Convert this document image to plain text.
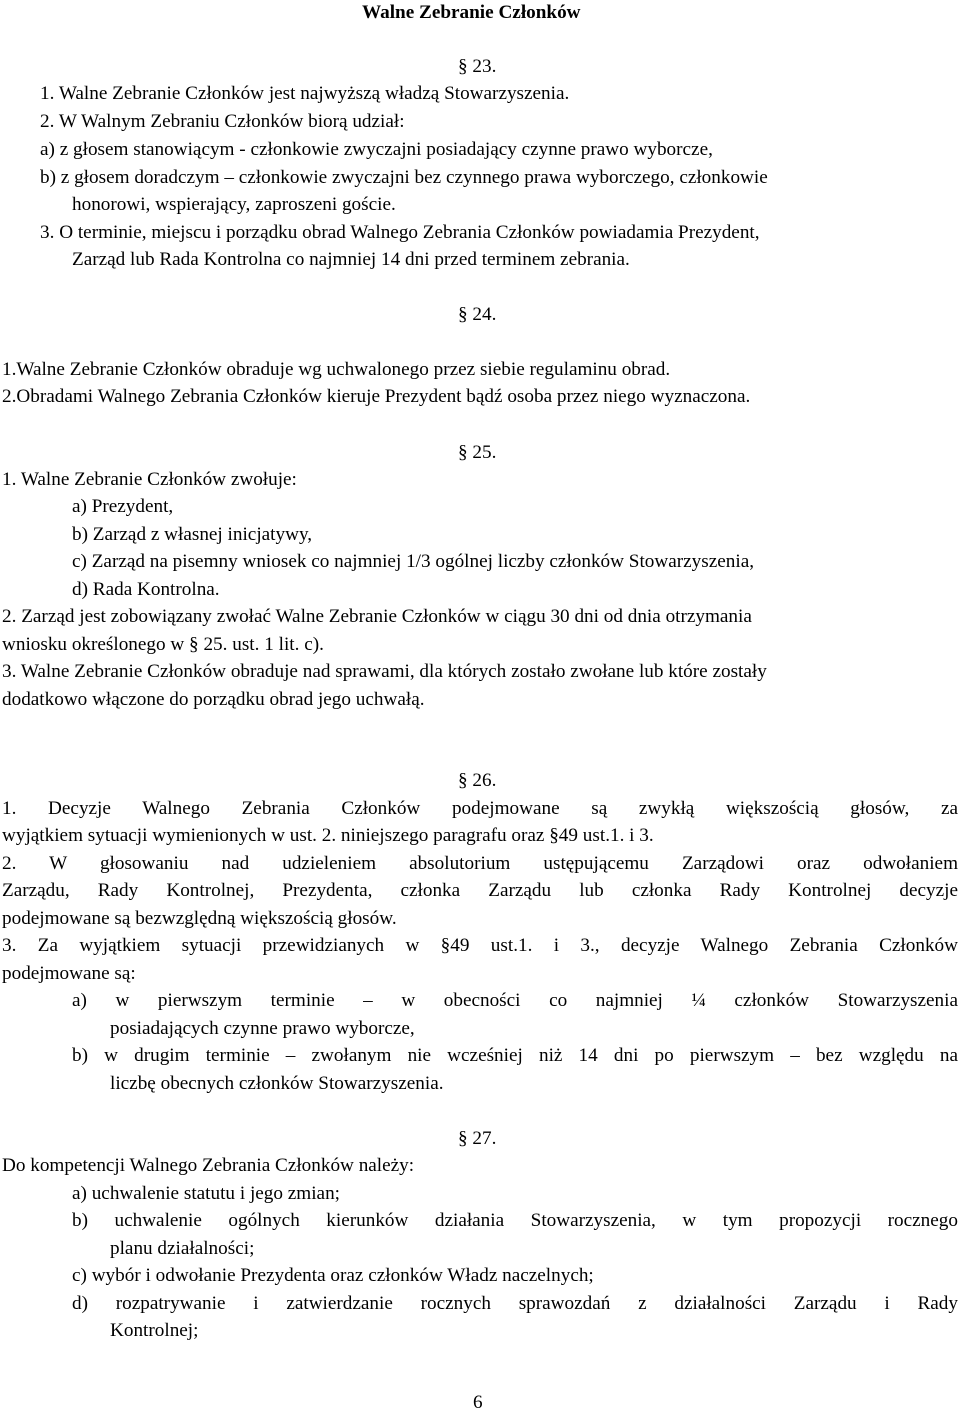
Walne Zebranie Członków
§ 23.
1. Walne Zebranie Członków jest najwyższą władzą Stowarzyszenia.
2. W Walnym Zebraniu Członków biorą udział:
a) z głosem stanowiącym - członkowie zwyczajni posiadający czynne prawo wyborcze,
b) z głosem doradczym – członkowie zwyczajni bez czynnego prawa wyborczego, członkowie
honorowi, wspierający, zaproszeni goście.
3. O terminie, miejscu i porządku obrad Walnego Zebrania Członków powiadamia Prezydent,
Zarząd lub Rada Kontrolna co najmniej 14 dni przed terminem zebrania.
§ 24.
1.Walne Zebranie Członków obraduje wg uchwalonego przez siebie regulaminu obrad.
2.Obradami Walnego Zebrania Członków kieruje Prezydent bądź osoba przez niego wyznaczona.
§ 25.
1. Walne Zebranie Członków zwołuje:
a) Prezydent,
b) Zarząd z własnej inicjatywy,
c) Zarząd na pisemny wniosek co najmniej 1/3 ogólnej liczby członków Stowarzyszenia,
d) Rada Kontrolna.
2. Zarząd jest zobowiązany zwołać Walne Zebranie Członków w ciągu 30 dni od dnia otrzymania
wniosku określonego w § 25. ust. 1 lit. c).
3. Walne Zebranie Członków obraduje nad sprawami, dla których zostało zwołane lub które zostały
dodatkowo włączone do porządku obrad jego uchwałą.
§ 26.
1. Decyzje Walnego Zebrania Członków podejmowane są zwykłą większością głosów, za
wyjątkiem sytuacji wymienionych w ust. 2. niniejszego paragrafu oraz §49 ust.1. i 3.
2. W głosowaniu nad udzieleniem absolutorium ustępującemu Zarządowi oraz odwołaniem
Zarządu, Rady Kontrolnej, Prezydenta, członka Zarządu lub członka Rady Kontrolnej decyzje
podejmowane są bezwzględną większością głosów.
3. Za wyjątkiem sytuacji przewidzianych w §49 ust.1. i 3., decyzje Walnego Zebrania Członków
podejmowane są:
a) w pierwszym terminie – w obecności co najmniej ¼ członków Stowarzyszenia
posiadających czynne prawo wyborcze,
b) w drugim terminie – zwołanym nie wcześniej niż 14 dni po pierwszym – bez względu na
liczbę obecnych członków Stowarzyszenia.
§ 27.
Do kompetencji Walnego Zebrania Członków należy:
a) uchwalenie statutu i jego zmian;
b) uchwalenie ogólnych kierunków działania Stowarzyszenia, w tym propozycji rocznego
planu działalności;
c) wybór i odwołanie Prezydenta oraz członków Władz naczelnych;
d) rozpatrywanie i zatwierdzanie rocznych sprawozdań z działalności Zarządu i Rady
Kontrolnej;
6
